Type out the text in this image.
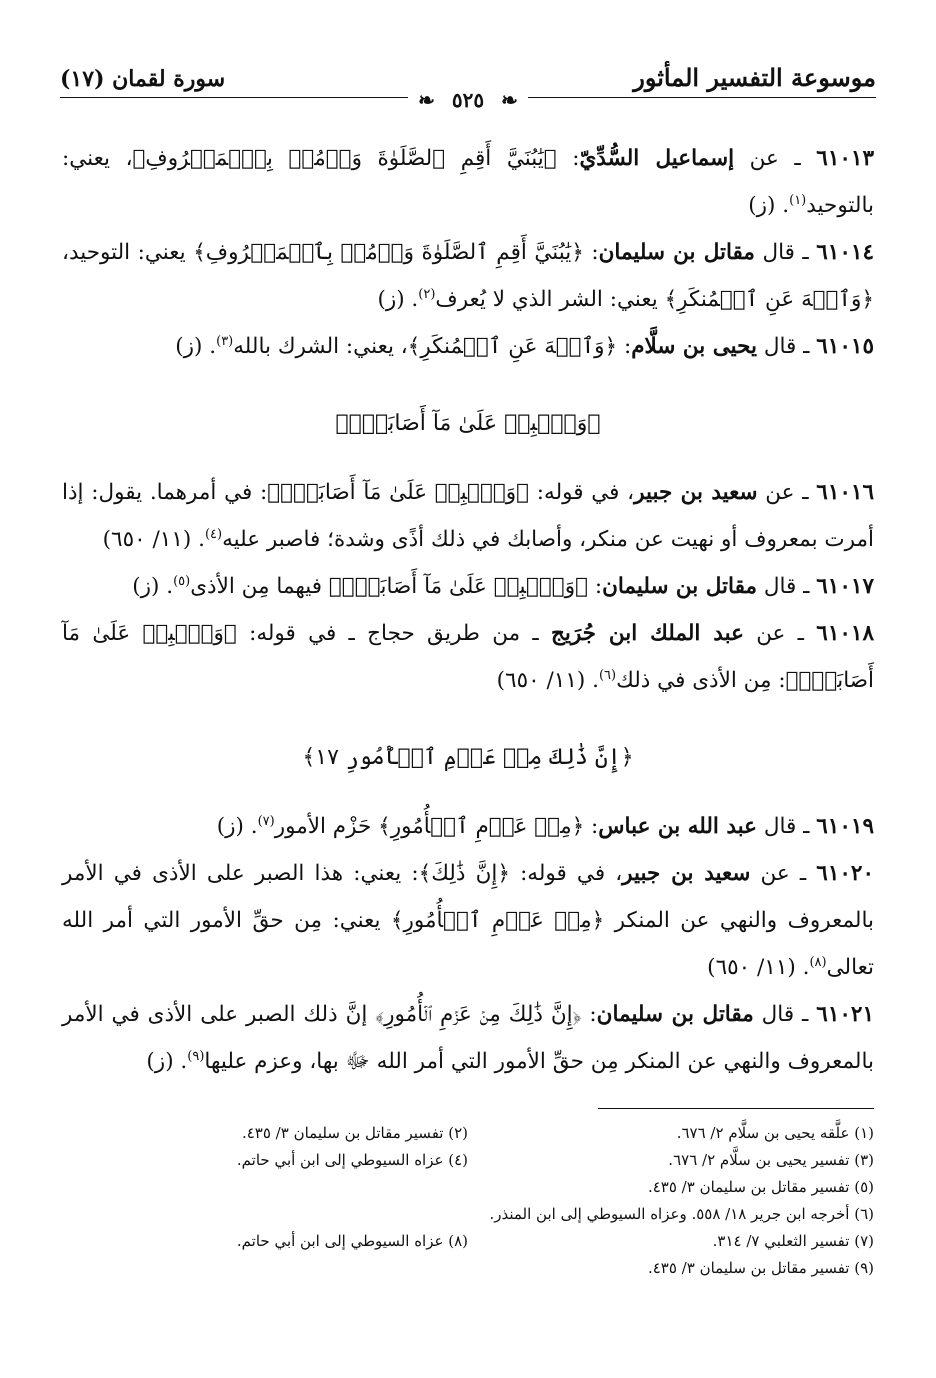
موسوعة التفسير المأثور
سورة لقمان (١٧)
❧ ٥٢٥ ❧

٦١٠١٣ ـ عن إسماعيل السُّدِّيّ: ﴿يَٰبُنَيَّ أَقِمِ ٱلصَّلَوٰةَ وَأۡمُرۡ بِٱلۡمَعۡرُوفِ﴾، يعني: بالتوحيد$^{(١)}$. (ز)

٦١٠١٤ ـ قال مقاتل بن سليمان: ﴿يَٰبُنَيَّ أَقِمِ ٱلصَّلَوٰةَ وَأۡمُرۡ بِٱلۡمَعۡرُوفِ﴾ يعني: التوحيد، ﴿وَٱنۡهَ عَنِ ٱلۡمُنكَرِ﴾ يعني: الشر الذي لا يُعرف$^{(٢)}$. (ز)

٦١٠١٥ ـ قال يحيى بن سلَّام: ﴿وَٱنۡهَ عَنِ ٱلۡمُنكَرِ﴾، يعني: الشرك بالله$^{(٣)}$. (ز)

﴿وَٱصۡبِرۡ عَلَىٰ مَآ أَصَابَكَۖ﴾

٦١٠١٦ ـ عن سعيد بن جبير، في قوله: ﴿وَٱصۡبِرۡ عَلَىٰ مَآ أَصَابَكَۖ﴾: في أمرهما. يقول: إذا أمرت بمعروف أو نهيت عن منكر، وأصابك في ذلك أذًى وشدة؛ فاصبر عليه$^{(٤)}$. (١١/ ٦٥٠)

٦١٠١٧ ـ قال مقاتل بن سليمان: ﴿وَٱصۡبِرۡ عَلَىٰ مَآ أَصَابَكَۖ﴾ فيهما مِن الأذى$^{(٥)}$. (ز)

٦١٠١٨ ـ عن عبد الملك ابن جُرَيج ـ من طريق حجاج ـ في قوله: ﴿وَٱصۡبِرۡ عَلَىٰ مَآ أَصَابَكَۖ﴾: مِن الأذى في ذلك$^{(٦)}$. (١١/ ٦٥٠)

﴿إِنَّ ذَٰلِكَ مِنۡ عَزۡمِ ٱلۡأُمُورِ ١٧﴾

٦١٠١٩ ـ قال عبد الله بن عباس: ﴿مِنۡ عَزۡمِ ٱلۡأُمُورِ﴾ حَزْم الأمور$^{(٧)}$. (ز)

٦١٠٢٠ ـ عن سعيد بن جبير، في قوله: ﴿إِنَّ ذَٰلِكَ﴾: يعني: هذا الصبر على الأذى في الأمر بالمعروف والنهي عن المنكر ﴿مِنۡ عَزۡمِ ٱلۡأُمُورِ﴾ يعني: مِن حقِّ الأمور التي أمر الله تعالى$^{(٨)}$. (١١/ ٦٥٠)

٦١٠٢١ ـ قال مقاتل بن سليمان: ﴿إِنَّ ذَٰلِكَ مِنۡ عَزۡمِ ٱلۡأُمُورِ﴾ إنَّ ذلك الصبر على الأذى في الأمر بالمعروف والنهي عن المنكر مِن حقِّ الأمور التي أمر الله ﷻ بها، وعزم عليها$^{(٩)}$. (ز)

(١) علَّقه يحيى بن سلَّام ٢/ ٦٧٦.
(٢) تفسير مقاتل بن سليمان ٣/ ٤٣٥.
(٣) تفسير يحيى بن سلَّام ٢/ ٦٧٦.
(٤) عزاه السيوطي إلى ابن أبي حاتم.
(٥) تفسير مقاتل بن سليمان ٣/ ٤٣٥.
(٦) أخرجه ابن جرير ١٨/ ٥٥٨. وعزاه السيوطي إلى ابن المنذر.
(٧) تفسير الثعلبي ٧/ ٣١٤.
(٨) عزاه السيوطي إلى ابن أبي حاتم.
(٩) تفسير مقاتل بن سليمان ٣/ ٤٣٥.
